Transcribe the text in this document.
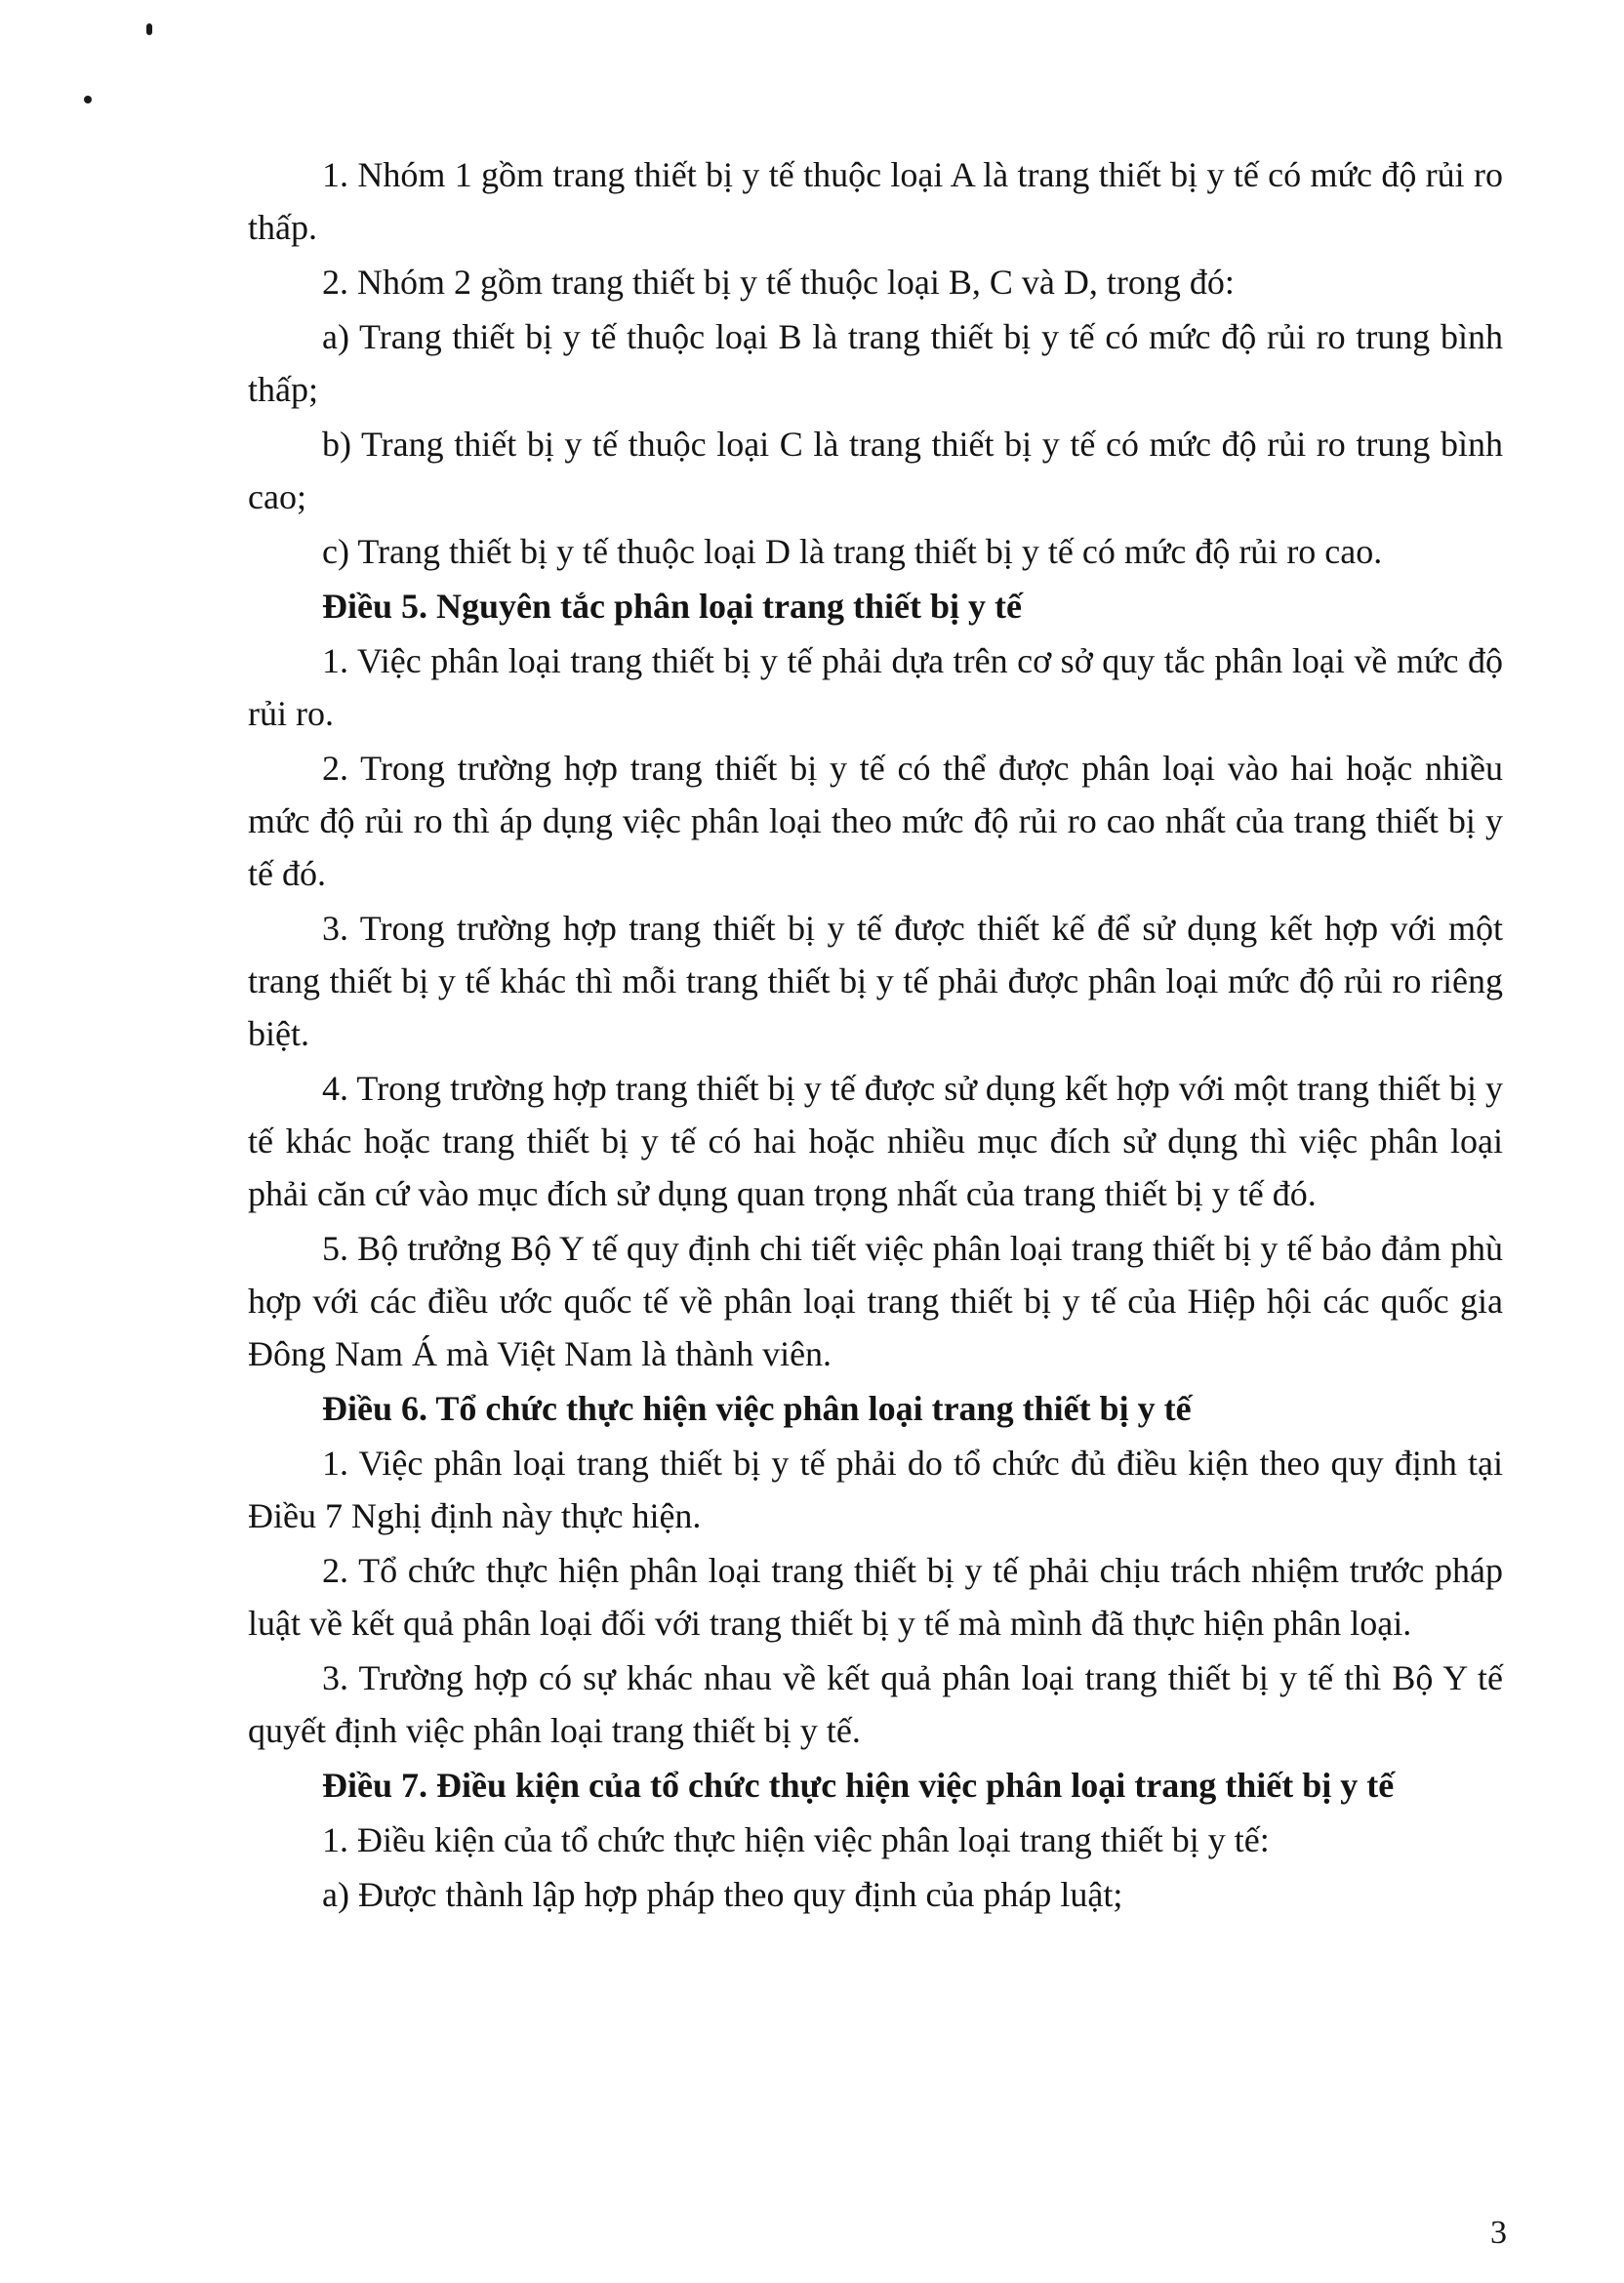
1. Nhóm 1 gồm trang thiết bị y tế thuộc loại A là trang thiết bị y tế có mức độ rủi ro thấp.

2. Nhóm 2 gồm trang thiết bị y tế thuộc loại B, C và D, trong đó:

a) Trang thiết bị y tế thuộc loại B là trang thiết bị y tế có mức độ rủi ro trung bình thấp;

b) Trang thiết bị y tế thuộc loại C là trang thiết bị y tế có mức độ rủi ro trung bình cao;

c) Trang thiết bị y tế thuộc loại D là trang thiết bị y tế có mức độ rủi ro cao.

Điều 5. Nguyên tắc phân loại trang thiết bị y tế

1. Việc phân loại trang thiết bị y tế phải dựa trên cơ sở quy tắc phân loại về mức độ rủi ro.

2. Trong trường hợp trang thiết bị y tế có thể được phân loại vào hai hoặc nhiều mức độ rủi ro thì áp dụng việc phân loại theo mức độ rủi ro cao nhất của trang thiết bị y tế đó.

3. Trong trường hợp trang thiết bị y tế được thiết kế để sử dụng kết hợp với một trang thiết bị y tế khác thì mỗi trang thiết bị y tế phải được phân loại mức độ rủi ro riêng biệt.

4. Trong trường hợp trang thiết bị y tế được sử dụng kết hợp với một trang thiết bị y tế khác hoặc trang thiết bị y tế có hai hoặc nhiều mục đích sử dụng thì việc phân loại phải căn cứ vào mục đích sử dụng quan trọng nhất của trang thiết bị y tế đó.

5. Bộ trưởng Bộ Y tế quy định chi tiết việc phân loại trang thiết bị y tế bảo đảm phù hợp với các điều ước quốc tế về phân loại trang thiết bị y tế của Hiệp hội các quốc gia Đông Nam Á mà Việt Nam là thành viên.

Điều 6. Tổ chức thực hiện việc phân loại trang thiết bị y tế

1. Việc phân loại trang thiết bị y tế phải do tổ chức đủ điều kiện theo quy định tại Điều 7 Nghị định này thực hiện.

2. Tổ chức thực hiện phân loại trang thiết bị y tế phải chịu trách nhiệm trước pháp luật về kết quả phân loại đối với trang thiết bị y tế mà mình đã thực hiện phân loại.

3. Trường hợp có sự khác nhau về kết quả phân loại trang thiết bị y tế thì Bộ Y tế quyết định việc phân loại trang thiết bị y tế.

Điều 7. Điều kiện của tổ chức thực hiện việc phân loại trang thiết bị y tế

1. Điều kiện của tổ chức thực hiện việc phân loại trang thiết bị y tế:

a) Được thành lập hợp pháp theo quy định của pháp luật;

3
